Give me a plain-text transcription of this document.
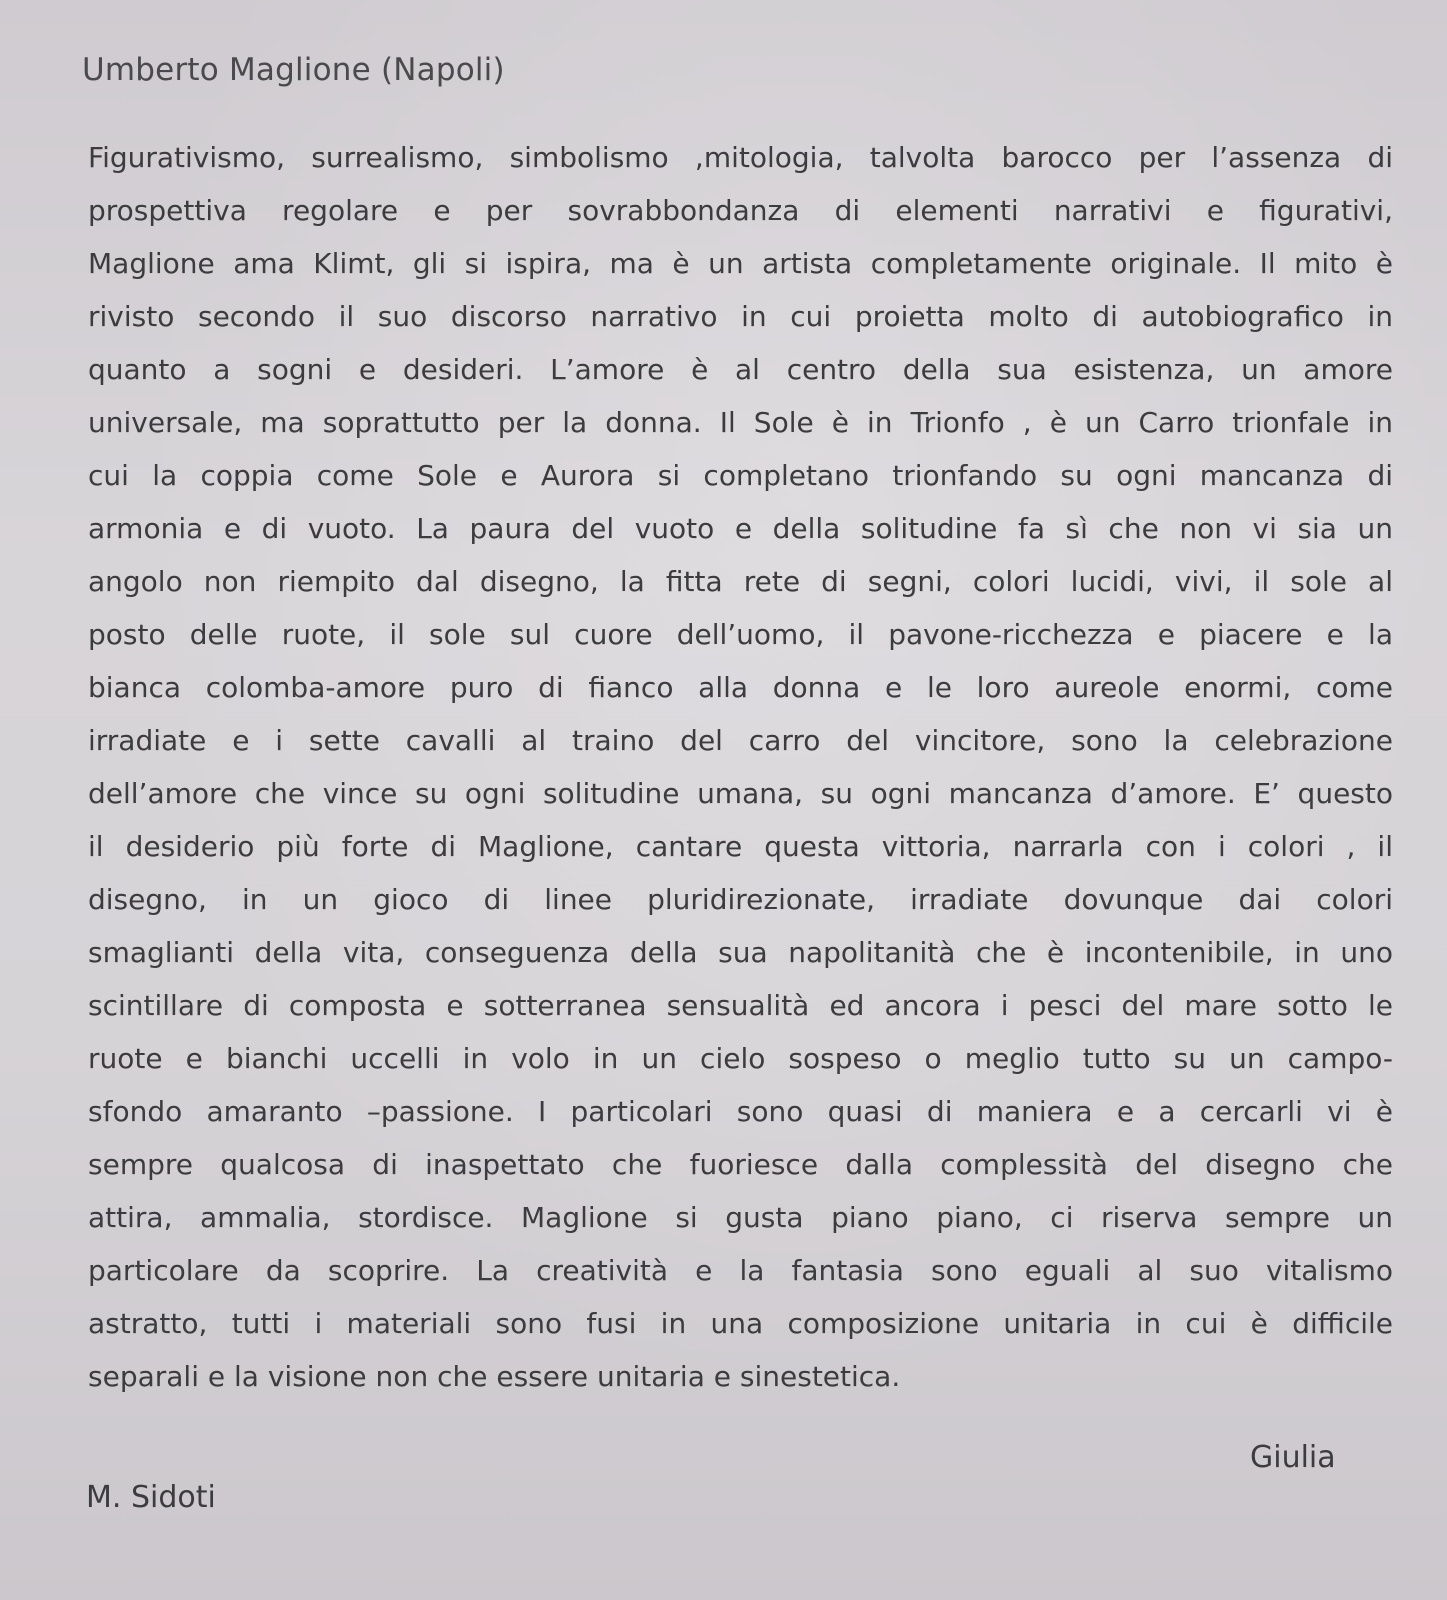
Umberto Maglione (Napoli)
Figurativismo, surrealismo, simbolismo ,mitologia, talvolta barocco per l’assenza di
prospettiva regolare e per sovrabbondanza di elementi narrativi e figurativi,
Maglione ama Klimt, gli si ispira, ma è un artista completamente originale. Il mito è
rivisto secondo il suo discorso narrativo in cui proietta molto di autobiografico in
quanto a sogni e desideri. L’amore è al centro della sua esistenza, un amore
universale, ma soprattutto per la donna. Il Sole è in Trionfo , è un Carro trionfale in
cui la coppia come Sole e Aurora si completano trionfando su ogni mancanza di
armonia e di vuoto. La paura del vuoto e della solitudine fa sì che non vi sia un
angolo non riempito dal disegno, la fitta rete di segni, colori lucidi, vivi, il sole al
posto delle ruote, il sole sul cuore dell’uomo, il pavone-ricchezza e piacere e la
bianca colomba-amore puro di fianco alla donna e le loro aureole enormi, come
irradiate e i sette cavalli al traino del carro del vincitore, sono la celebrazione
dell’amore che vince su ogni solitudine umana, su ogni mancanza d’amore. E’ questo
il desiderio più forte di Maglione, cantare questa vittoria, narrarla con i colori , il
disegno, in un gioco di linee pluridirezionate, irradiate dovunque dai colori
smaglianti della vita, conseguenza della sua napolitanità che è incontenibile, in uno
scintillare di composta e sotterranea sensualità ed ancora i pesci del mare sotto le
ruote e bianchi uccelli in volo in un cielo sospeso o meglio tutto su un campo-
sfondo amaranto –passione. I particolari sono quasi di maniera e a cercarli vi è
sempre qualcosa di inaspettato che fuoriesce dalla complessità del disegno che
attira, ammalia, stordisce. Maglione si gusta piano piano, ci riserva sempre un
particolare da scoprire. La creatività e la fantasia sono eguali al suo vitalismo
astratto, tutti i materiali sono fusi in una composizione unitaria in cui è difficile
separali e la visione non che essere unitaria e sinestetica.
Giulia
M. Sidoti
